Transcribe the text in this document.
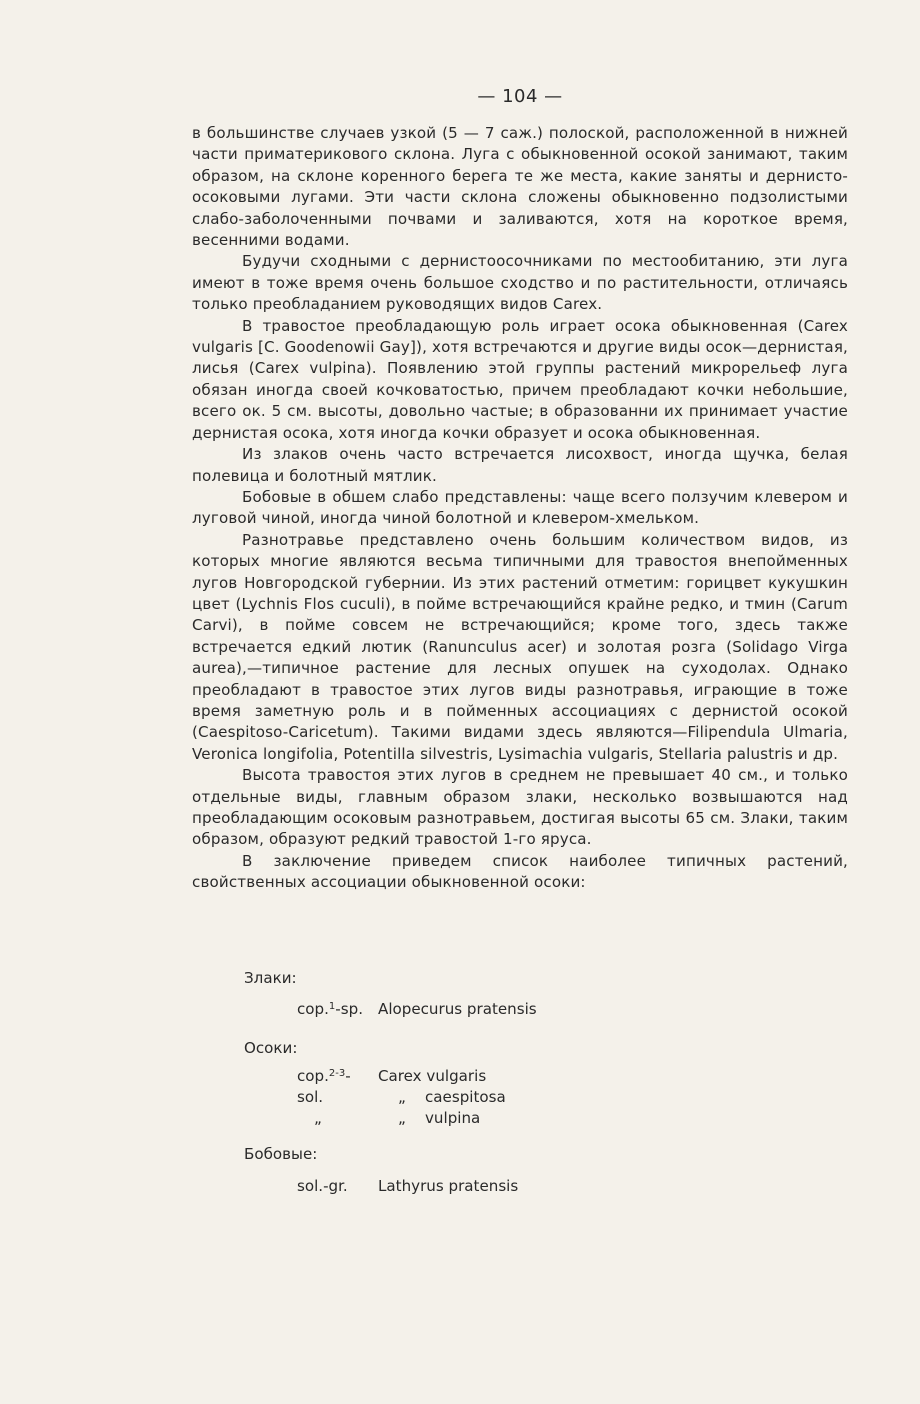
— 104 —

в большинстве случаев узкой (5 — 7 саж.) полоской, расположенной в нижней части приматерикового склона. Луга с обыкновенной осокой занимают, таким образом, на склоне коренного берега те же места, какие заняты и дернисто-осоковыми лугами. Эти части склона сложены обыкновенно подзолистыми слабо-заболоченными почвами и заливаются, хотя на короткое время, весенними водами.

Будучи сходными с дернистоосочниками по местообитанию, эти луга имеют в тоже время очень большое сходство и по растительности, отличаясь только преобладанием руководящих видов Carex.

В травостое преобладающую роль играет осока обыкновенная (Carex vulgaris [C. Goodenowii Gay]), хотя встречаются и другие виды осок—дернистая, лисья (Carex vulpina). Появлению этой группы растений микрорельеф луга обязан иногда своей кочковатостью, причем преобладают кочки небольшие, всего ок. 5 см. высоты, довольно частые; в образованни их принимает участие дернистая осока, хотя иногда кочки образует и осока обыкновенная.

Из злаков очень часто встречается лисохвост, иногда щучка, белая полевица и болотный мятлик.

Бобовые в обшем слабо представлены: чаще всего ползучим клевером и луговой чиной, иногда чиной болотной и клевером-хмельком.

Разнотравье представлено очень большим количеством видов, из которых многие являются весьма типичными для травостоя внепойменных лугов Новгородской губернии. Из этих растений отметим: горицвет кукушкин цвет (Lychnis Flos cuculi), в пойме встречающийся крайне редко, и тмин (Carum Carvi), в пойме совсем не встречающийся; кроме того, здесь также встречается едкий лютик (Ranunculus acer) и золотая розга (Solidago Virga aurea),—типичное растение для лесных опушек на суходолах. Однако преобладают в травостое этих лугов виды разнотравья, играющие в тоже время заметную роль и в пойменных ассоциациях с дернистой осокой (Caespitoso-Caricetum). Такими видами здесь являются—Filipendula Ulmaria, Veronica longifolia, Potentilla silvestris, Lysimachia vulgaris, Stellaria palustris и др.

Высота травостоя этих лугов в среднем не превышает 40 см., и только отдельные виды, главным образом злаки, несколько возвышаются над преобладающим осоковым разнотравьем, достигая высоты 65 см. Злаки, таким образом, образуют редкий травостой 1-го яруса.

В заключение приведем список наиболее типичных растений, свойственных ассоциации обыкновенной осоки:

Злаки:
cop.$^1$-sp. Alopecurus pratensis
Осоки:
cop.$^{2-3}$- Carex vulgaris
sol.	„ caespitosa
„	„ vulpina
Бобовые:
sol.-gr. Lathyrus pratensis
